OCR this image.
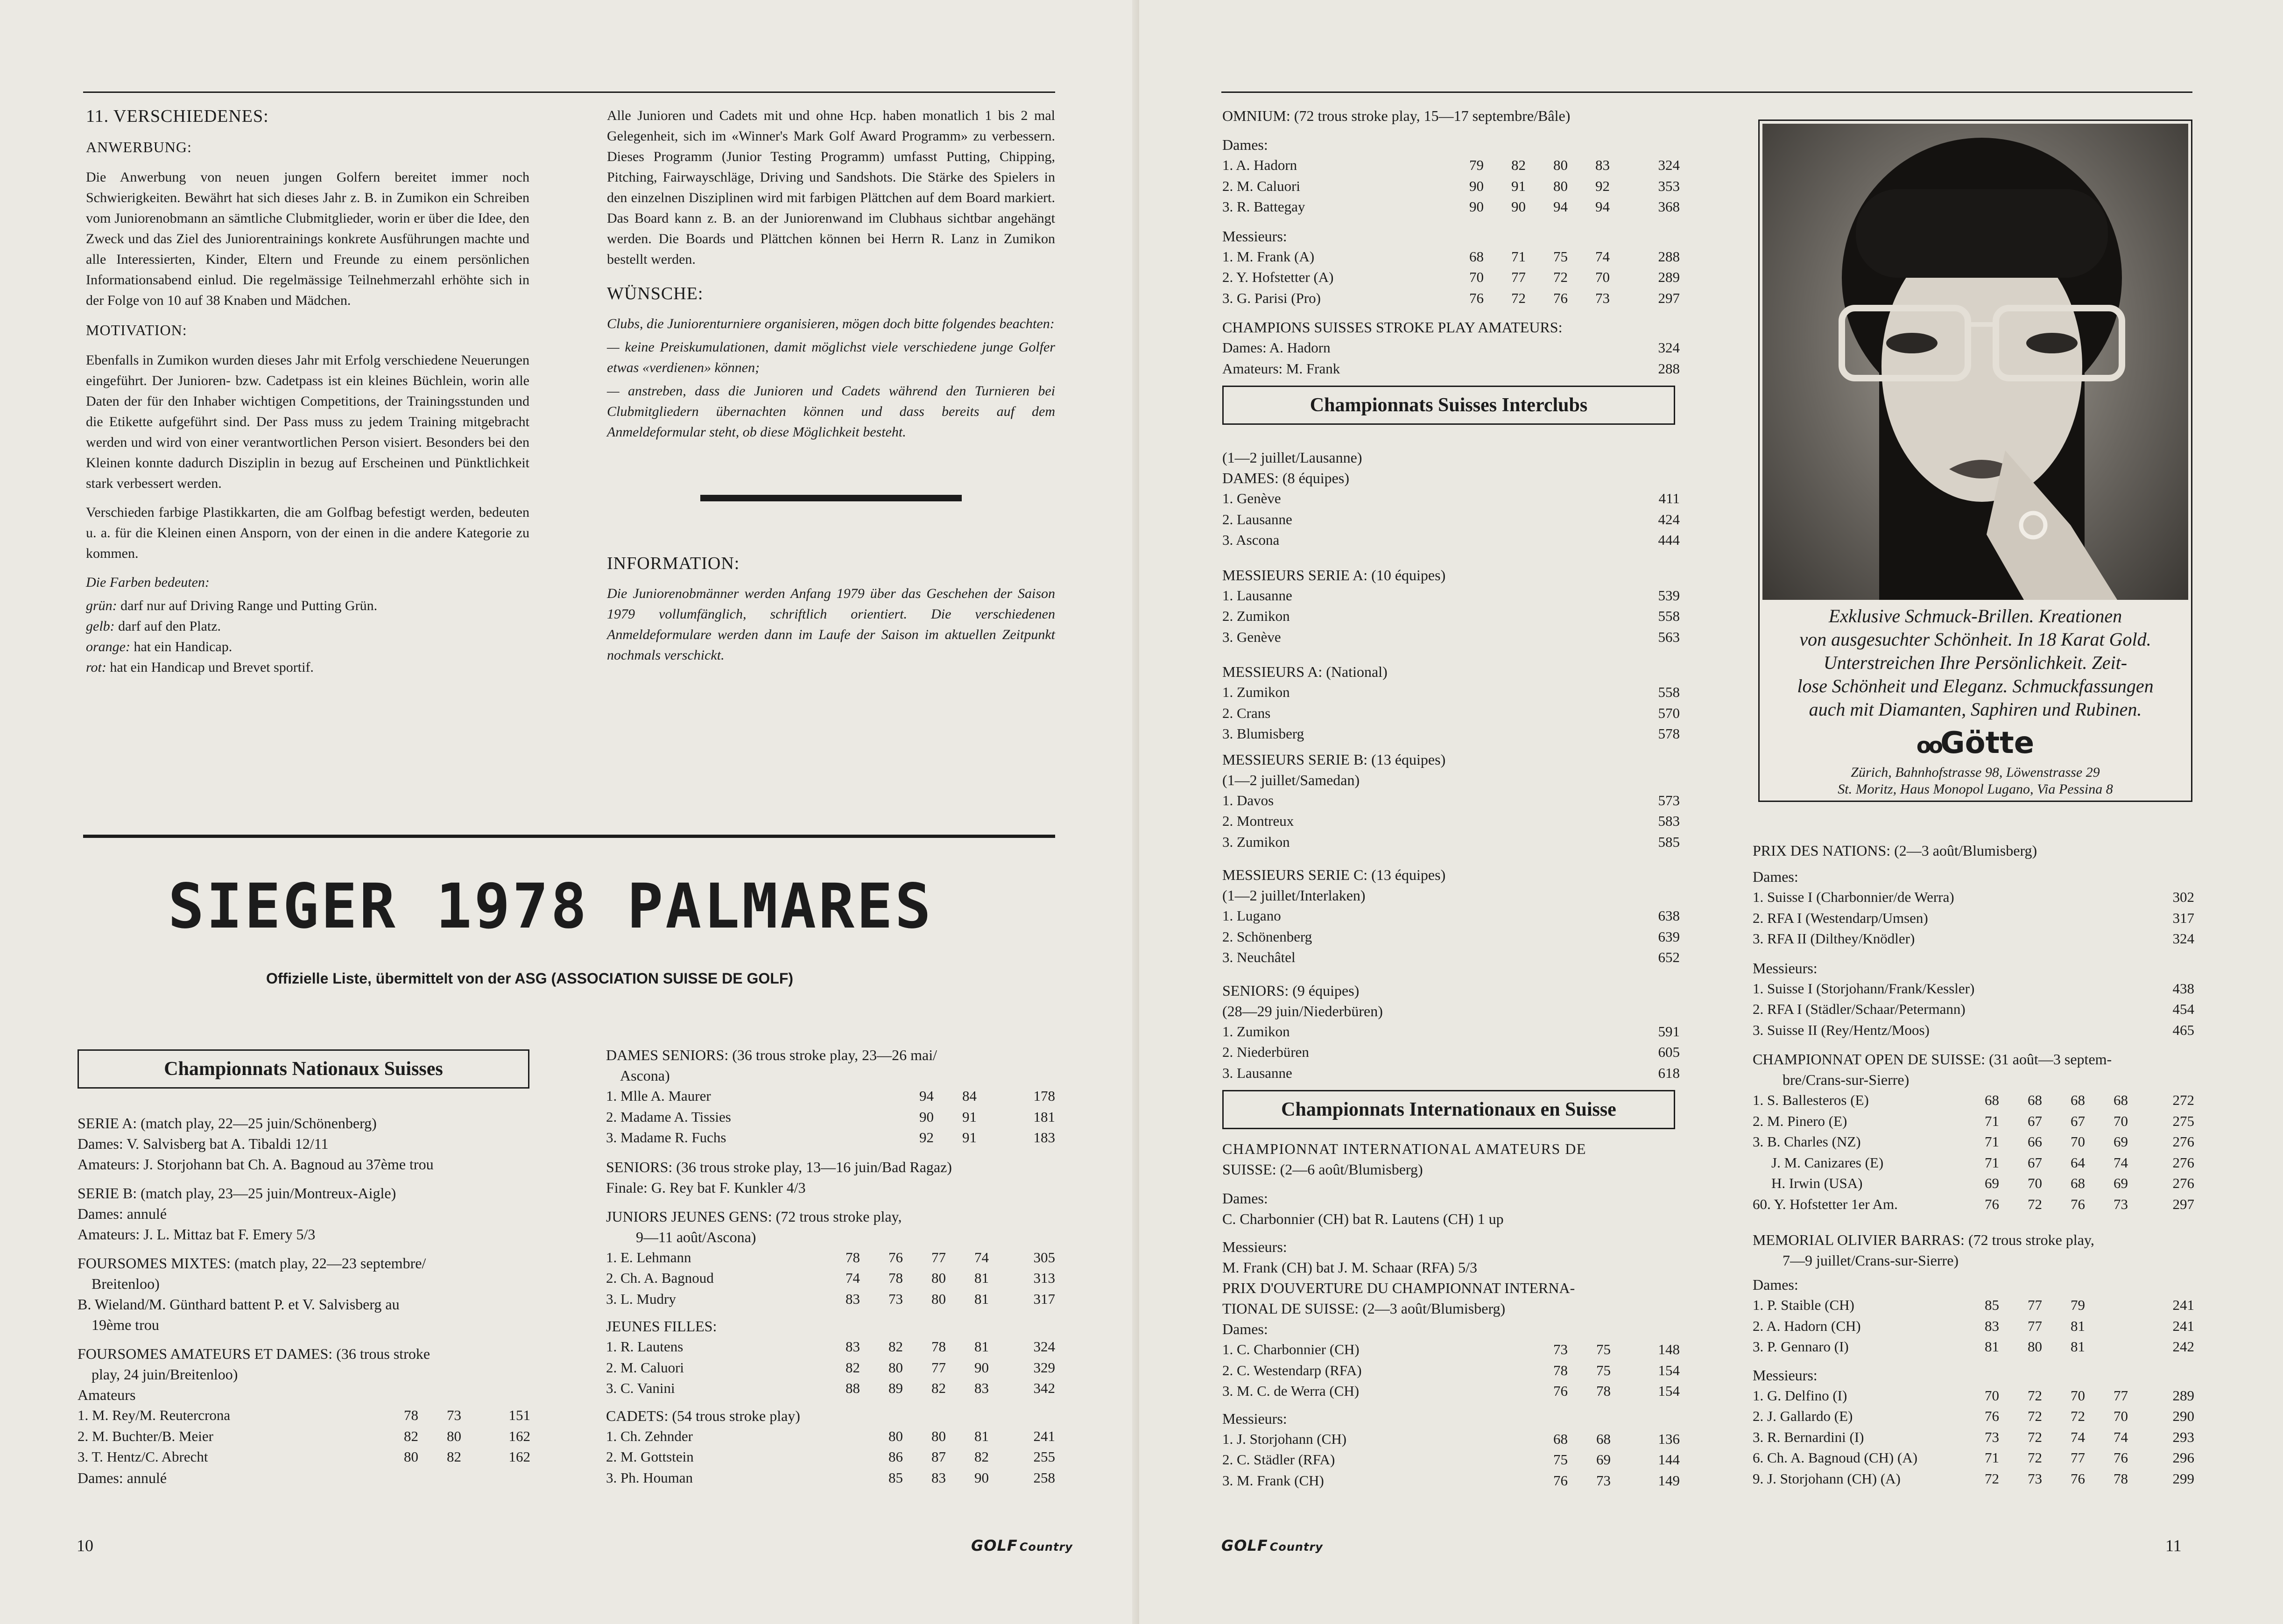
11. VERSCHIEDENES:
ANWERBUNG:

Die Anwerbung von neuen jungen Golfern bereitet immer noch Schwierigkeiten. Bewährt hat sich dieses Jahr z. B. in Zumikon ein Schreiben vom Juniorenobmann an sämtliche Clubmitglieder, worin er über die Idee, den Zweck und das Ziel des Juniorentrainings konkrete Ausführungen machte und alle Interessierten, Kinder, Eltern und Freunde zu einem persönlichen Informationsabend einlud. Die regelmässige Teilnehmerzahl erhöhte sich in der Folge von 10 auf 38 Knaben und Mädchen.

MOTIVATION:

Ebenfalls in Zumikon wurden dieses Jahr mit Erfolg verschiedene Neuerungen eingeführt. Der Junioren- bzw. Cadetpass ist ein kleines Büchlein, worin alle Daten der für den Inhaber wichtigen Competitions, der Trainingsstunden und die Etikette aufgeführt sind. Der Pass muss zu jedem Training mitgebracht werden und wird von einer verantwortlichen Person visiert. Besonders bei den Kleinen konnte dadurch Disziplin in bezug auf Erscheinen und Pünktlichkeit stark verbessert werden.

Verschieden farbige Plastikkarten, die am Golfbag befestigt werden, bedeuten u. a. für die Kleinen einen Ansporn, von der einen in die andere Kategorie zu kommen.

Die Farben bedeuten:

grün: darf nur auf Driving Range und Putting Grün.
gelb: darf auf den Platz.
orange: hat ein Handicap.
rot: hat ein Handicap und Brevet sportif.

Alle Junioren und Cadets mit und ohne Hcp. haben monatlich 1 bis 2 mal Gelegenheit, sich im «Winner's Mark Golf Award Programm» zu verbessern. Dieses Programm (Junior Testing Programm) umfasst Putting, Chipping, Pitching, Fairwayschläge, Driving und Sandshots. Die Stärke des Spielers in den einzelnen Disziplinen wird mit farbigen Plättchen auf dem Board markiert. Das Board kann z. B. an der Juniorenwand im Clubhaus sichtbar angehängt werden. Die Boards und Plättchen können bei Herrn R. Lanz in Zumikon bestellt werden.

WÜNSCHE:

Clubs, die Juniorenturniere organisieren, mögen doch bitte folgendes beachten:

— keine Preiskumulationen, damit möglichst viele verschiedene junge Golfer etwas «verdienen» können;

— anstreben, dass die Junioren und Cadets während den Turnieren bei Clubmitgliedern übernachten können und dass bereits auf dem Anmeldeformular steht, ob diese Möglichkeit besteht.

INFORMATION:

Die Juniorenobmänner werden Anfang 1979 über das Geschehen der Saison 1979 vollumfänglich, schriftlich orientiert. Die verschiedenen Anmeldeformulare werden dann im Laufe der Saison im aktuellen Zeitpunkt nochmals verschickt.

SIEGER 1978 PALMARES
Offizielle Liste, übermittelt von der ASG (ASSOCIATION SUISSE DE GOLF)
Championnats Nationaux Suisses
SERIE A: (match play, 22—25 juin/Schönenberg)
Dames: V. Salvisberg bat A. Tibaldi 12/11
Amateurs: J. Storjohann bat Ch. A. Bagnoud au 37ème trou
SERIE B: (match play, 23—25 juin/Montreux-Aigle)
Dames: annulé
Amateurs: J. L. Mittaz bat F. Emery 5/3
FOURSOMES MIXTES: (match play, 22—23 septembre/
Breitenloo)
B. Wieland/M. Günthard battent P. et V. Salvisberg au
19ème trou
FOURSOMES AMATEURS ET DAMES: (36 trous stroke
play, 24 juin/Breitenloo)
Amateurs
1. M. Rey/M. Reutercrona	78	73	151
2. M. Buchter/B. Meier	82	80	162
3. T. Hentz/C. Abrecht	80	82	162
Dames: annulé
DAMES SENIORS: (36 trous stroke play, 23—26 mai/
Ascona)
1. Mlle A. Maurer	94	84	178
2. Madame A. Tissies	90	91	181
3. Madame R. Fuchs	92	91	183
SENIORS: (36 trous stroke play, 13—16 juin/Bad Ragaz)
Finale: G. Rey bat F. Kunkler 4/3
JUNIORS JEUNES GENS: (72 trous stroke play,
9—11 août/Ascona)
1. E. Lehmann	78	76	77	74	305
2. Ch. A. Bagnoud	74	78	80	81	313
3. L. Mudry	83	73	80	81	317
JEUNES FILLES:
1. R. Lautens	83	82	78	81	324
2. M. Caluori	82	80	77	90	329
3. C. Vanini	88	89	82	83	342
CADETS: (54 trous stroke play)
1. Ch. Zehnder	80	80	81	241
2. M. Gottstein	86	87	82	255
3. Ph. Houman	85	83	90	258
10	GOLF Country
OMNIUM: (72 trous stroke play, 15—17 septembre/Bâle)
Dames:
1. A. Hadorn	79	82	80	83	324
2. M. Caluori	90	91	80	92	353
3. R. Battegay	90	90	94	94	368
Messieurs:
1. M. Frank (A)	68	71	75	74	288
2. Y. Hofstetter (A)	70	77	72	70	289
3. G. Parisi (Pro)	76	72	76	73	297
CHAMPIONS SUISSES STROKE PLAY AMATEURS:
Dames: A. Hadorn	324
Amateurs: M. Frank	288
Championnats Suisses Interclubs
(1—2 juillet/Lausanne)
DAMES: (8 équipes)
1. Genève	411
2. Lausanne	424
3. Ascona	444
MESSIEURS SERIE A: (10 équipes)
1. Lausanne	539
2. Zumikon	558
3. Genève	563
MESSIEURS A: (National)
1. Zumikon	558
2. Crans	570
3. Blumisberg	578
MESSIEURS SERIE B: (13 équipes)
(1—2 juillet/Samedan)
1. Davos	573
2. Montreux	583
3. Zumikon	585
MESSIEURS SERIE C: (13 équipes)
(1—2 juillet/Interlaken)
1. Lugano	638
2. Schönenberg	639
3. Neuchâtel	652
SENIORS: (9 équipes)
(28—29 juin/Niederbüren)
1. Zumikon	591
2. Niederbüren	605
3. Lausanne	618
Championnats Internationaux en Suisse
CHAMPIONNAT INTERNATIONAL AMATEURS DE
SUISSE: (2—6 août/Blumisberg)
Dames:
C. Charbonnier (CH) bat R. Lautens (CH) 1 up
Messieurs:
M. Frank (CH) bat J. M. Schaar (RFA) 5/3
PRIX D'OUVERTURE DU CHAMPIONNAT INTERNA-
TIONAL DE SUISSE: (2—3 août/Blumisberg)
Dames:
1. C. Charbonnier (CH)	73	75	148
2. C. Westendarp (RFA)	78	75	154
3. M. C. de Werra (CH)	76	78	154
Messieurs:
1. J. Storjohann (CH)	68	68	136
2. C. Städler (RFA)	75	69	144
3. M. Frank (CH)	76	73	149
Exklusive Schmuck-Brillen. Kreationen
von ausgesuchter Schönheit. In 18 Karat Gold.
Unterstreichen Ihre Persönlichkeit. Zeit-
lose Schönheit und Eleganz. Schmuckfassungen
auch mit Diamanten, Saphiren und Rubinen.
ooGötte
Zürich, Bahnhofstrasse 98, Löwenstrasse 29
St. Moritz, Haus Monopol Lugano, Via Pessina 8
PRIX DES NATIONS: (2—3 août/Blumisberg)
Dames:
1. Suisse I (Charbonnier/de Werra)	302
2. RFA I (Westendarp/Umsen)	317
3. RFA II (Dilthey/Knödler)	324
Messieurs:
1. Suisse I (Storjohann/Frank/Kessler)	438
2. RFA I (Städler/Schaar/Petermann)	454
3. Suisse II (Rey/Hentz/Moos)	465
CHAMPIONNAT OPEN DE SUISSE: (31 août—3 septem-
bre/Crans-sur-Sierre)
1. S. Ballesteros (E)	68	68	68	68	272
2. M. Pinero (E)	71	67	67	70	275
3. B. Charles (NZ)	71	66	70	69	276
J. M. Canizares (E)	71	67	64	74	276
H. Irwin (USA)	69	70	68	69	276
60. Y. Hofstetter 1er Am.	76	72	76	73	297
MEMORIAL OLIVIER BARRAS: (72 trous stroke play,
7—9 juillet/Crans-sur-Sierre)
Dames:
1. P. Staible (CH)	85	77	79	241
2. A. Hadorn (CH)	83	77	81	241
3. P. Gennaro (I)	81	80	81	242
Messieurs:
1. G. Delfino (I)	70	72	70	77	289
2. J. Gallardo (E)	76	72	72	70	290
3. R. Bernardini (I)	73	72	74	74	293
6. Ch. A. Bagnoud (CH) (A)	71	72	77	76	296
9. J. Storjohann (CH) (A)	72	73	76	78	299
GOLF Country	11
